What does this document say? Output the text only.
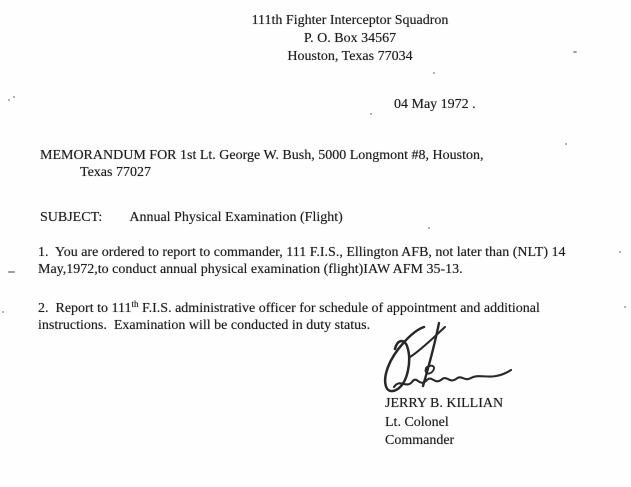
111th Fighter Interceptor Squadron
P. O. Box 34567
Houston, Texas 77034
04 May 1972 .
MEMORANDUM FOR 1st Lt. George W. Bush, 5000 Longmont #8, Houston,
Texas 77027
SUBJECT: Annual Physical Examination (Flight)
1.  You are ordered to report to commander, 111 F.I.S., Ellington AFB, not later than (NLT) 14
May,1972,to conduct annual physical examination (flight)IAW AFM 35-13.
2.  Report to 111th F.I.S. administrative officer for schedule of appointment and additional
instructions.  Examination will be conducted in duty status.
JERRY B. KILLIAN
Lt. Colonel
Commander
